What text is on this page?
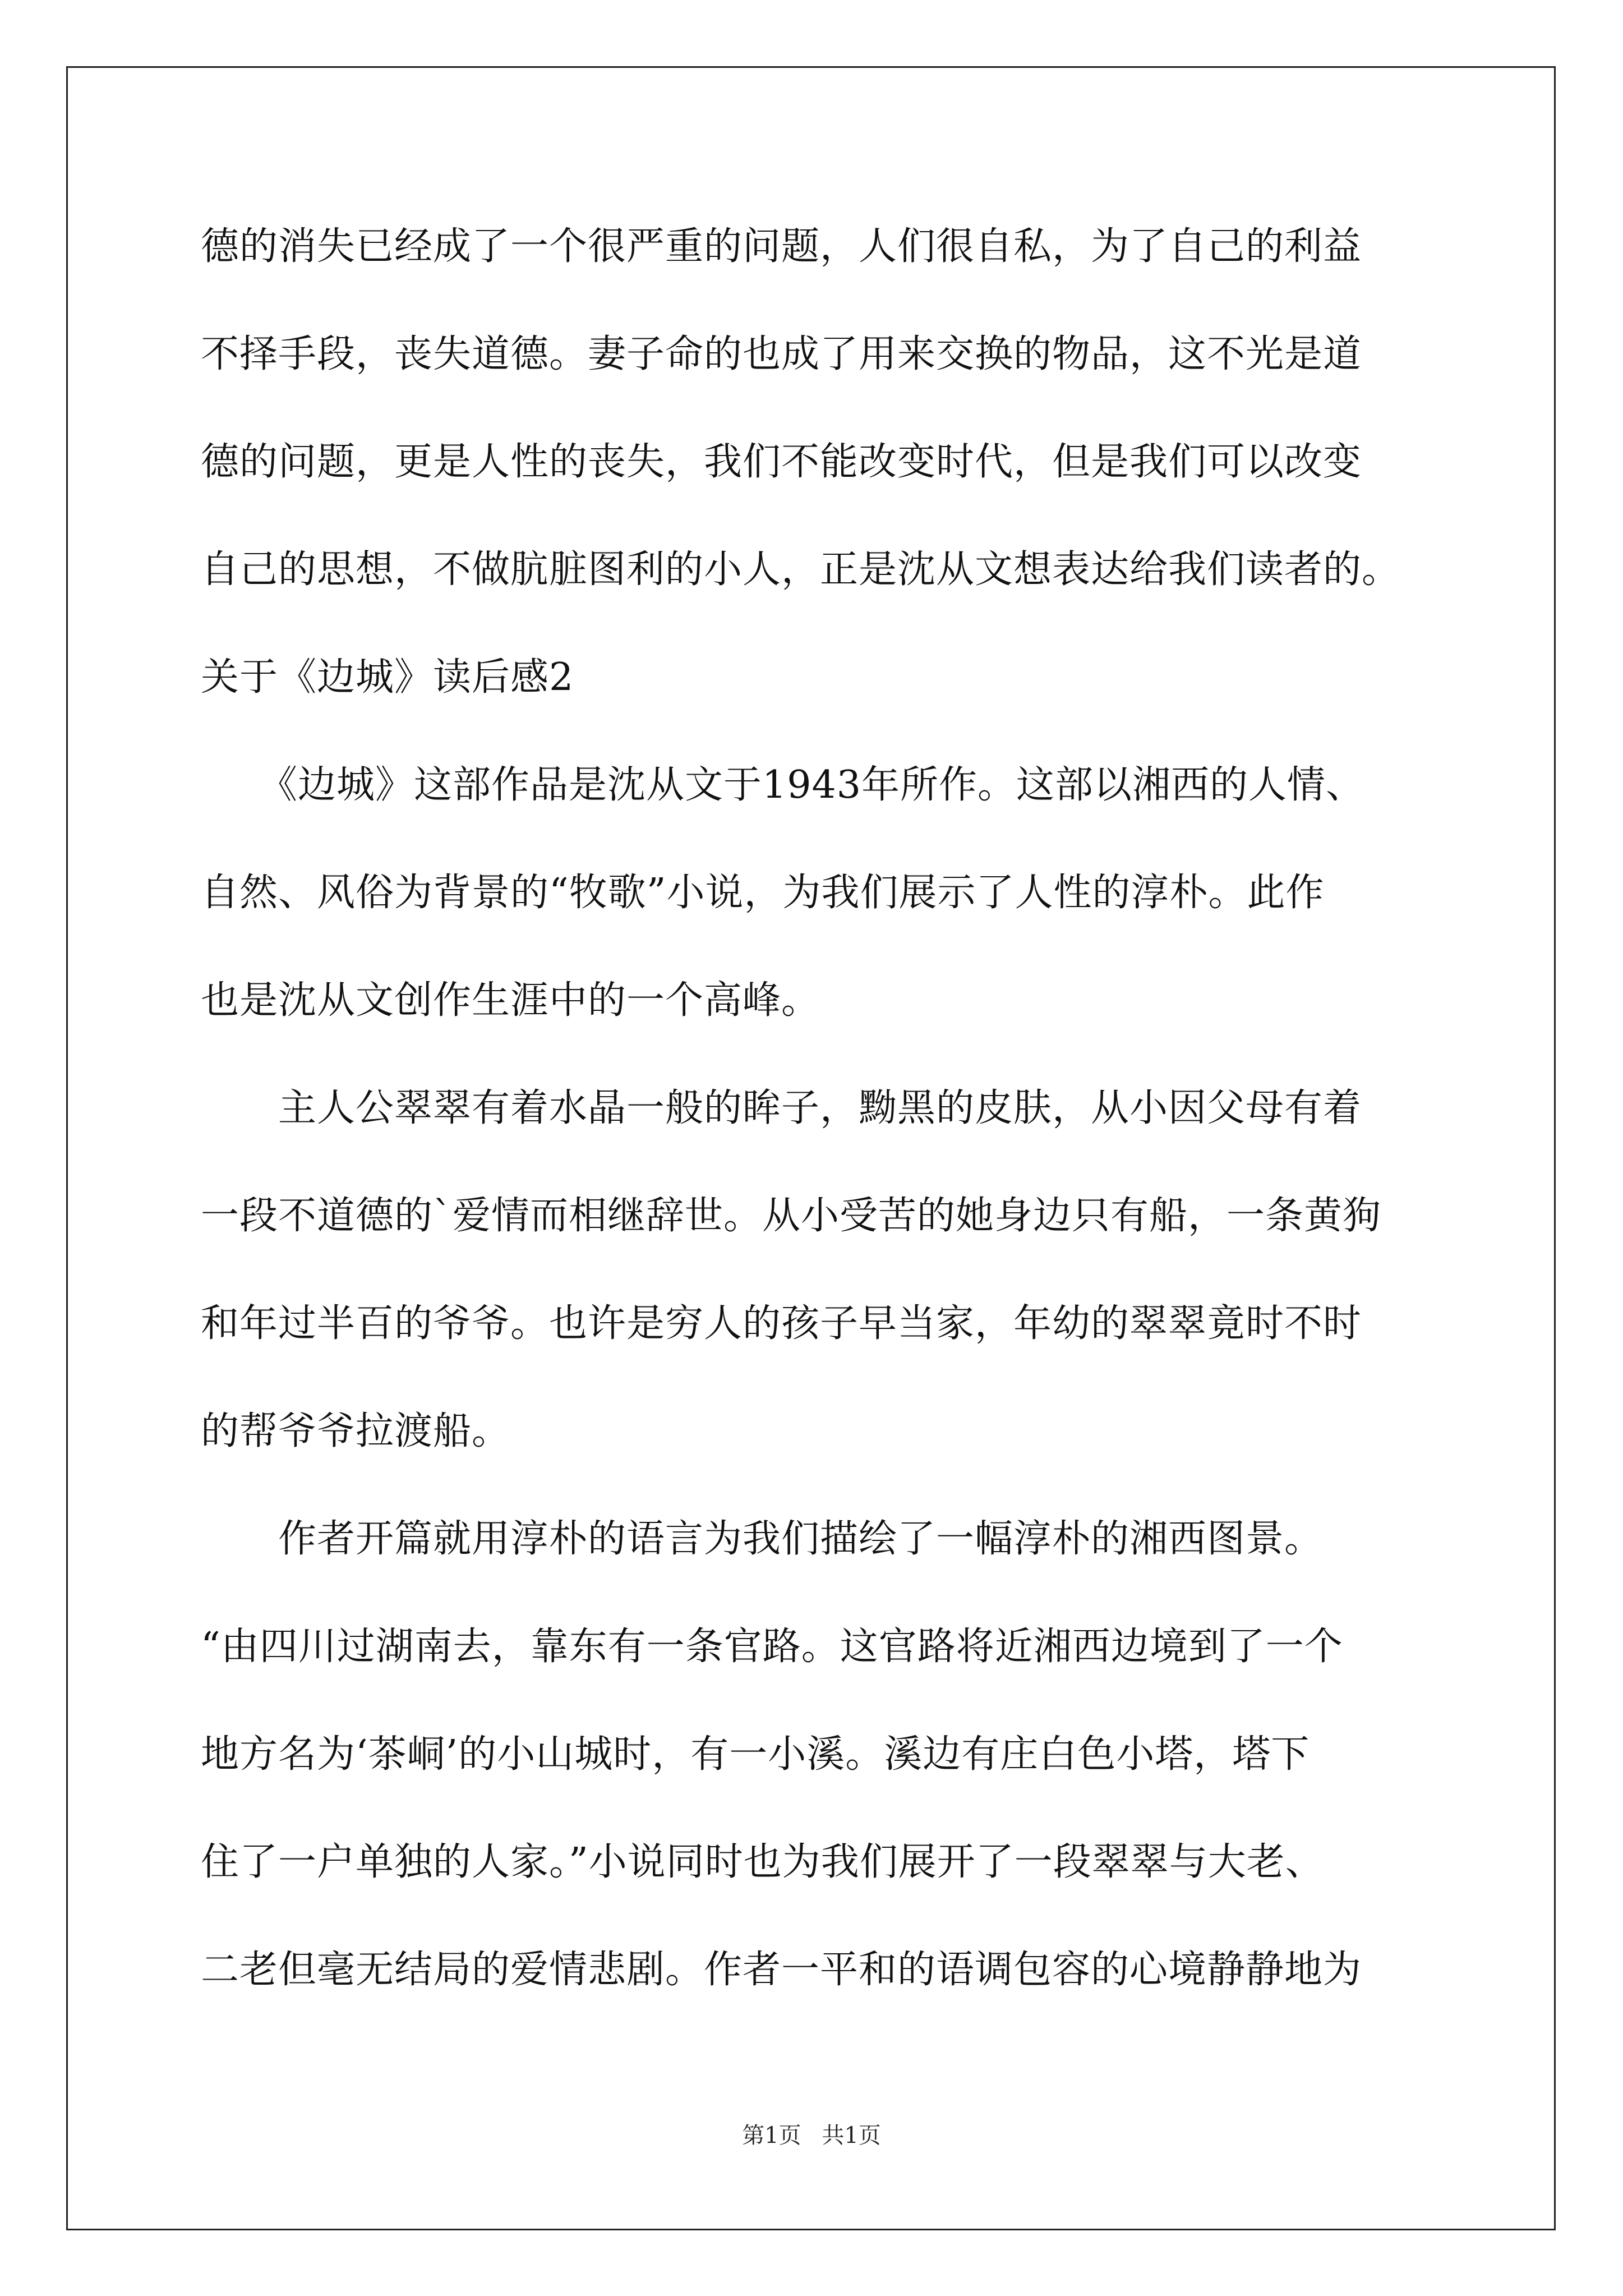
德的消失已经成了一个很严重的问题，人们很自私，为了自己的利益
不择手段，丧失道德。妻子命的也成了用来交换的物品，这不光是道
德的问题，更是人性的丧失，我们不能改变时代，但是我们可以改变
自己的思想，不做肮脏图利的小人，正是沈从文想表达给我们读者的。
关于《边城》读后感2
　　《边城》这部作品是沈从文于1943年所作。这部以湘西的人情、
自然、风俗为背景的“牧歌”小说，为我们展示了人性的淳朴。此作
也是沈从文创作生涯中的一个高峰。
　　主人公翠翠有着水晶一般的眸子，黝黑的皮肤，从小因父母有着
一段不道德的`爱情而相继辞世。从小受苦的她身边只有船，一条黄狗
和年过半百的爷爷。也许是穷人的孩子早当家，年幼的翠翠竟时不时
的帮爷爷拉渡船。
　　作者开篇就用淳朴的语言为我们描绘了一幅淳朴的湘西图景。
“由四川过湖南去，靠东有一条官路。这官路将近湘西边境到了一个
地方名为‘茶峒’的小山城时，有一小溪。溪边有庄白色小塔，塔下
住了一户单独的人家。”小说同时也为我们展开了一段翠翠与大老、
二老但毫无结局的爱情悲剧。作者一平和的语调包容的心境静静地为
第1页 共1页
